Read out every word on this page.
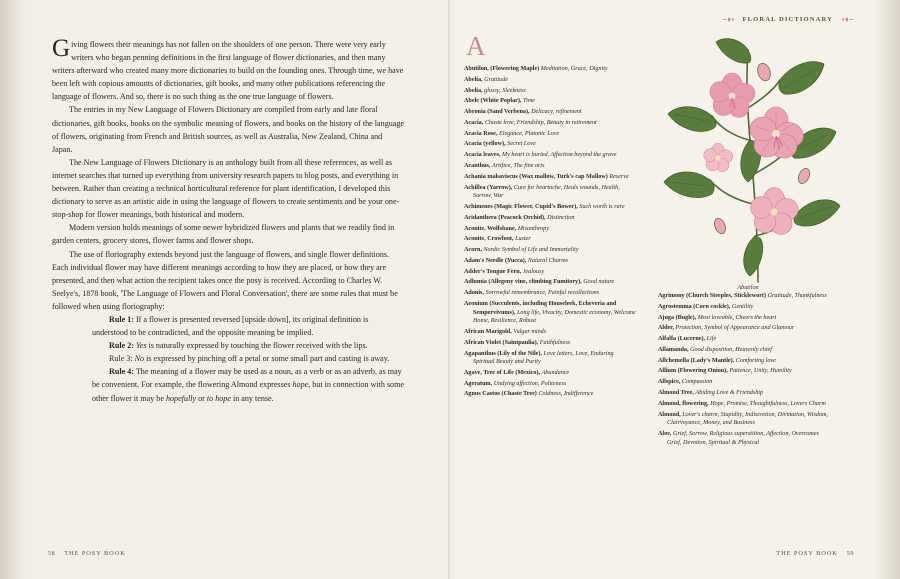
Giving flowers their meanings has not fallen on the shoulders of one person. There were very early writers who began penning definitions in the first language of flower dictionaries, and then many writers afterward who created many more dictionaries to build on the founding ones. Through time, we have been left with copious amounts of dictionaries, gift books, and many other publications referencing the language of flowers. And so, there is no such thing as the one true language of flowers.

The entries in my New Language of Flowers Dictionary are compiled from early and late floral dictionaries, gift books, books on the symbolic meaning of flowers, and books on the history of the language of flowers, originating from French and British sources, as well as Australia, New Zealand, China and Japan.

The New Language of Flowers Dictionary is an anthology built from all these references, as well as internet searches that turned up everything from university research papers to blog posts, and everything in between. Rather than creating a technical horticultural reference for plant identification, I developed this dictionary to serve as an artistic aide in using the language of flowers to create sentiments and be your one-stop-shop for flower meanings, both historical and modern.

Modern version holds meanings of some newer hybridized flowers and plants that we readily find in garden centers, grocery stores, flower farms and flower shops.

The use of floriography extends beyond just the language of flowers, and single flower definitions. Each individual flower may have different meanings according to how they are placed, or how they are presented, and then what action the recipient takes once the posy is received. According to Charles W. Seelye's, 1878 book, 'The Language of Flowers and Floral Conversation', there are some rules that must be followed when using floriography:

Rule 1: If a flower is presented reversed [upside down], its original definition is understood to be contradicted, and the opposite meaning be implied.

Rule 2: Yes is naturally expressed by touching the flower received with the lips.

Rule 3: No is expressed by pinching off a petal or some small part and casting is away.

Rule 4: The meaning of a flower may be used as a noun, as a verb or as an adverb, as may be convenient. For example, the flowering Almond expresses hope, but in connection with some other flower it may be hopefully or to hope in any tense.

58 THE POSY BOOK
FLORAL DICTIONARY
Abutilon
A

Abutilon, (Flowering Maple) Meditation, Grace, Dignity

Abelia, Gratitude

Abelia, glossy, Sleekness

Abele (White Poplar), Time

Abronia (Sand Verbena), Delicacy, refinement

Acacia, Chaste love, Friendship, Beauty in retirement

Acacia Rose, Elegance, Platonic Love

Acacia (yellow), Secret Love

Acacia leaves, My heart is buried, Affection beyond the grave

Acanthus, Artifice, The fine arts

Achania mahaviscus (Wax mallow, Turk's cap Mallow) Reserve

Achillea (Yarrow), Cure for heartache, Heals wounds, Health, Sorrow, War

Achimenes (Magic Flower, Cupid's Bower), Such worth is rare

Acidanthera (Peacock Orchid), Distinction

Aconite, Wolfsbane, Misanthropy

Aconite, Crowfoot, Luster

Acorn, Nordic Symbol of Life and Immortality

Adam's Needle (Yucca), Natural Charms

Adder's Tongue Fern, Jealousy

Adlumia (Allegeny vine, climbing Fumitory), Good nature

Adonis, Sorrowful remembrance, Painful recollections

Aeonium (Succulents, including Houseleek, Echeveria and Sempervivums), Long life, Vivacity, Domestic economy, Welcome Home, Resilience, Robust

African Marigold, Vulgar minds

African Violet (Saintpaulia), Faithfulness

Agapanthus (Lily of the Nile), Love letters, Love, Enduring Spiritual Beauty and Purity

Agave, Tree of Life (Mexico), Abundance

Ageratum, Undying affection, Politeness

Agnus Castus (Chaste Tree) Coldness, Indifference

Agrimony (Church Steeples, Sticklewort) Gratitude, Thankfulness

Agrostemma (Corn cockle), Gentility

Ajuga (Bugle), Most loveable, Cheers the heart

Alder, Protection, Symbol of Appearance and Glamour

Alfalfa (Lucerne), Life

Allamanda, Good disposition, Heavenly chief

Allchemella (Lady's Mantle), Comforting love

Allium (Flowering Onion), Patience, Unity, Humility

Allspice, Compassion

Almond Tree, Abiding Love & Friendship

Almond, flowering, Hope, Promise, Thoughtfulness, Lovers Charm

Almond, Lover's charm, Stupidity, Indiscretion, Divination, Wisdom, Clairvoyance, Money, and Business

Aloe, Grief, Sorrow, Religious superstition, Affection, Overcomes Grief, Devotion, Spiritual & Physical

THE POSY BOOK 59
